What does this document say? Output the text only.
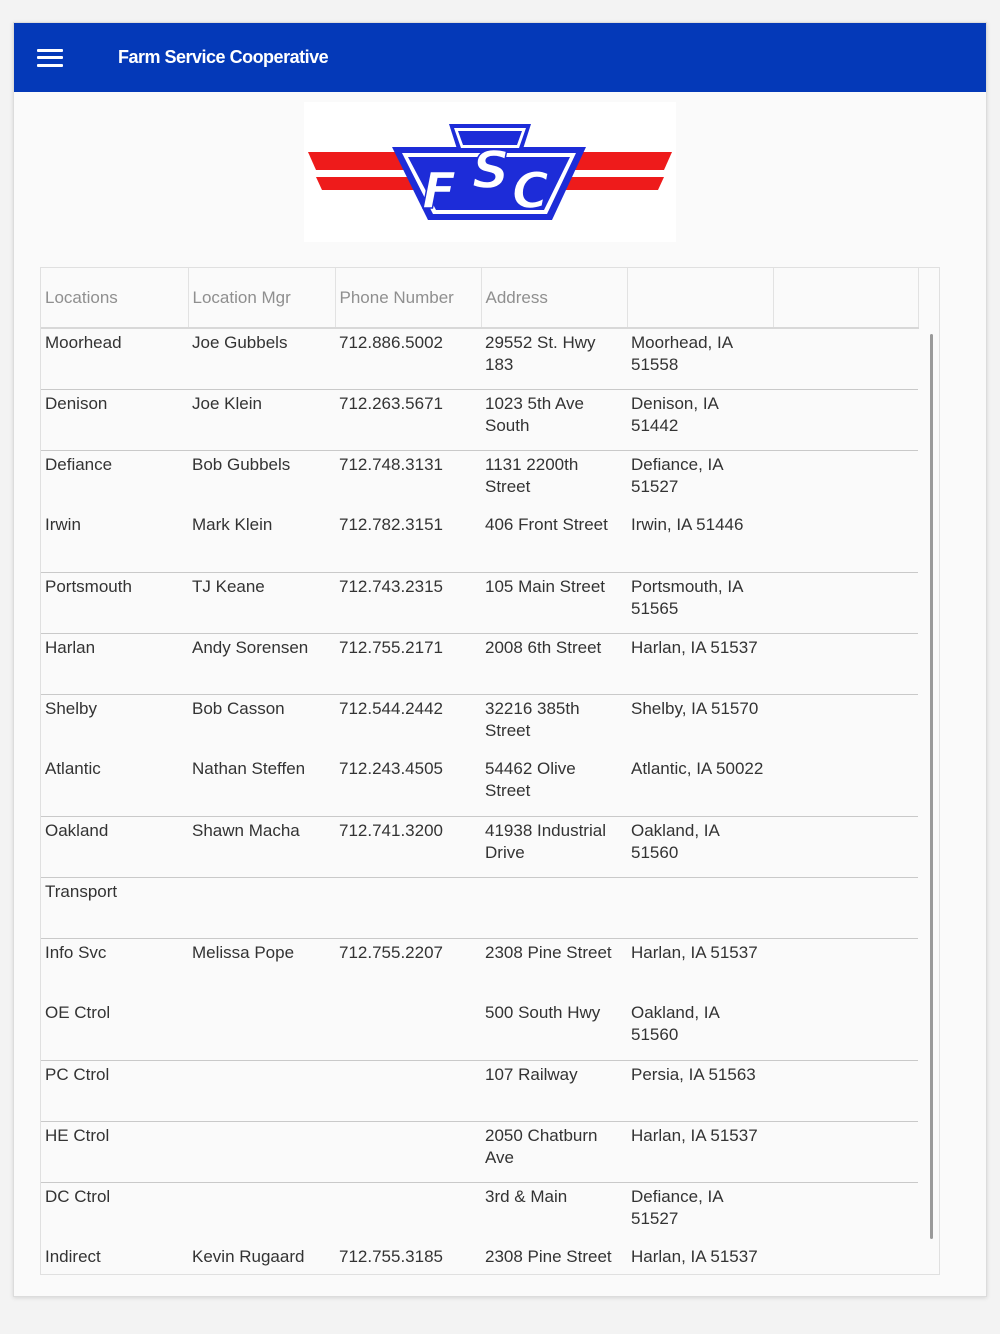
Farm Service Cooperative
F S C
Locations	Location Mgr	Phone Number	Address		
Moorhead	Joe Gubbels	712.886.5002	29552 St. Hwy 183	Moorhead, IA 51558	
Denison	Joe Klein	712.263.5671	1023 5th Ave South	Denison, IA 51442	
Defiance	Bob Gubbels	712.748.3131	1131 2200th Street	Defiance, IA 51527	
Irwin	Mark Klein	712.782.3151	406 Front Street	Irwin, IA 51446	
Portsmouth	TJ Keane	712.743.2315	105 Main Street	Portsmouth, IA 51565	
Harlan	Andy Sorensen	712.755.2171	2008 6th Street	Harlan, IA 51537	
Shelby	Bob Casson	712.544.2442	32216 385th Street	Shelby, IA 51570	
Atlantic	Nathan Steffen	712.243.4505	54462 Olive Street	Atlantic, IA 50022	
Oakland	Shawn Macha	712.741.3200	41938 Industrial Drive	Oakland, IA 51560	
Transport					
Info Svc	Melissa Pope	712.755.2207	2308 Pine Street	Harlan, IA 51537	
OE Ctrol			500 South Hwy	Oakland, IA 51560	
PC Ctrol			107 Railway	Persia, IA 51563	
HE Ctrol			2050 Chatburn Ave	Harlan, IA 51537	
DC Ctrol			3rd & Main	Defiance, IA 51527	
Indirect	Kevin Rugaard	712.755.3185	2308 Pine Street	Harlan, IA 51537	
